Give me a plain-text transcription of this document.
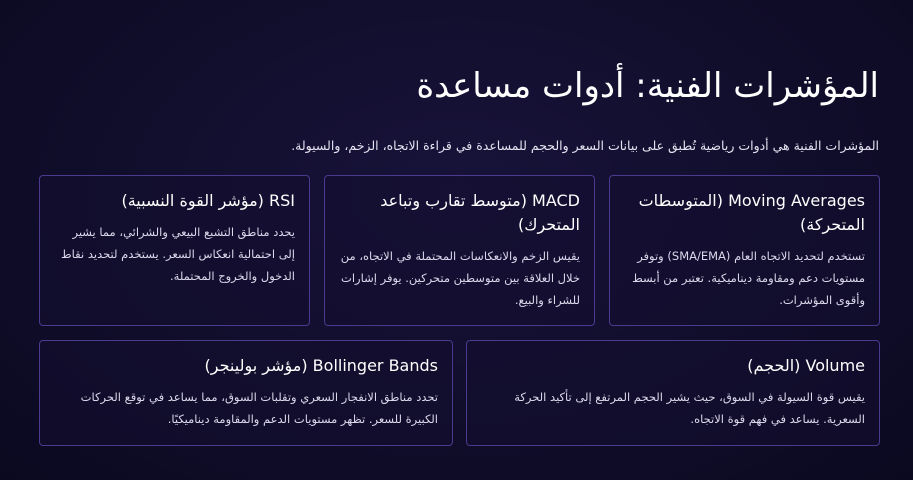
المؤشرات الفنية: أدوات مساعدة

المؤشرات الفنية هي أدوات رياضية تُطبق على بيانات السعر والحجم للمساعدة في قراءة الاتجاه، الزخم، والسيولة.

Moving Averages (المتوسطات المتحركة)

تستخدم لتحديد الاتجاه العام (SMA/EMA) وتوفر مستويات دعم ومقاومة ديناميكية. تعتبر من أبسط وأقوى المؤشرات.

MACD (متوسط تقارب وتباعد المتحرك)

يقيس الزخم والانعكاسات المحتملة في الاتجاه، من خلال العلاقة بين متوسطين متحركين. يوفر إشارات للشراء والبيع.

RSI (مؤشر القوة النسبية)

يحدد مناطق التشبع البيعي والشرائي، مما يشير إلى احتمالية انعكاس السعر. يستخدم لتحديد نقاط الدخول والخروج المحتملة.

Volume (الحجم)

يقيس قوة السيولة في السوق، حيث يشير الحجم المرتفع إلى تأكيد الحركة السعرية. يساعد في فهم قوة الاتجاه.

Bollinger Bands (مؤشر بولينجر)

تحدد مناطق الانفجار السعري وتقلبات السوق، مما يساعد في توقع الحركات الكبيرة للسعر. تظهر مستويات الدعم والمقاومة ديناميكيًا.
